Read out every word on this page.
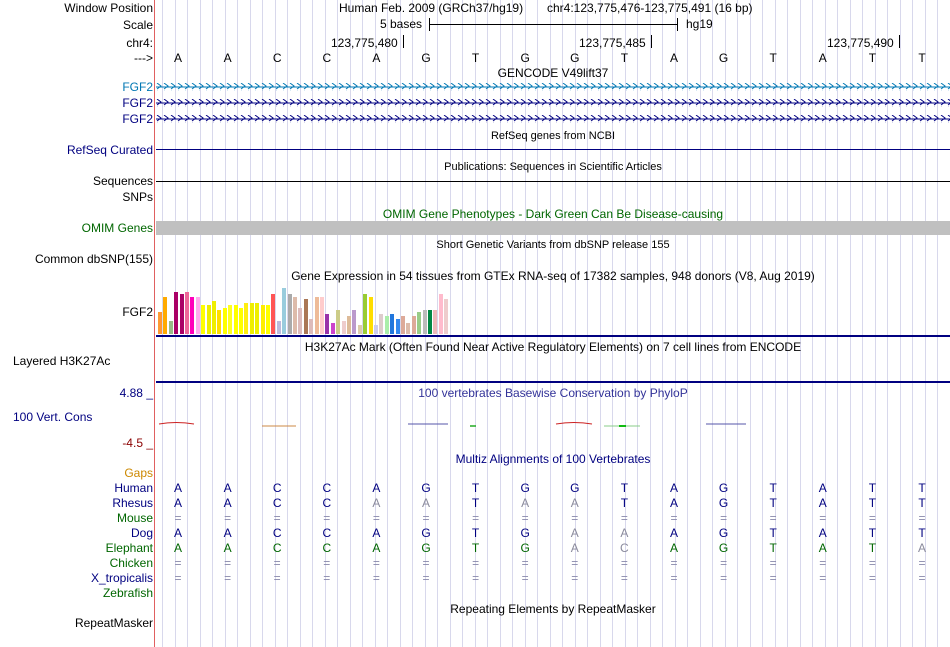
Window Position
Scale
chr4:
--->
Human Feb. 2009 (GRCh37/hg19) chr4:123,775,476-123,775,491 (16 bp)
5 bases	hg19
123,775,480	123,775,485	123,775,490
A	A	C	C	A	G	T	G	G	T	A	G	T	A	T	T
GENCODE V49lift37
FGF2
FGF2
FGF2
RefSeq genes from NCBI
RefSeq Curated
Publications: Sequences in Scientific Articles
Sequences
SNPs
OMIM Gene Phenotypes - Dark Green Can Be Disease-causing
OMIM Genes
Short Genetic Variants from dbSNP release 155
Common dbSNP(155)
Gene Expression in 54 tissues from GTEx RNA-seq of 17382 samples, 948 donors (V8, Aug 2019)
FGF2
H3K27Ac Mark (Often Found Near Active Regulatory Elements) on 7 cell lines from ENCODE
Layered H3K27Ac
100 vertebrates Basewise Conservation by PhyloP
4.88 _
100 Vert. Cons
-4.5 _
Multiz Alignments of 100 Vertebrates
Gaps
Human	A	A	C	C	A	G	T	G	G	T	A	G	T	A	T	T
Rhesus	A	A	C	C	A	A	T	A	A	T	A	G	T	A	T	T
Mouse	=	=	=	=	=	=	=	=	=	=	=	=	=	=	=	=
Dog	A	A	C	C	A	G	T	G	A	A	A	G	T	A	T	T
Elephant	A	A	C	C	A	G	T	G	A	C	A	G	T	A	T	A
Chicken	=	=	=	=	=	=	=	=	=	=	=	=	=	=	=	=
X_tropicalis	=	=	=	=	=	=	=	=	=	=	=	=	=	=	=	=
Zebrafish
Repeating Elements by RepeatMasker
RepeatMasker
